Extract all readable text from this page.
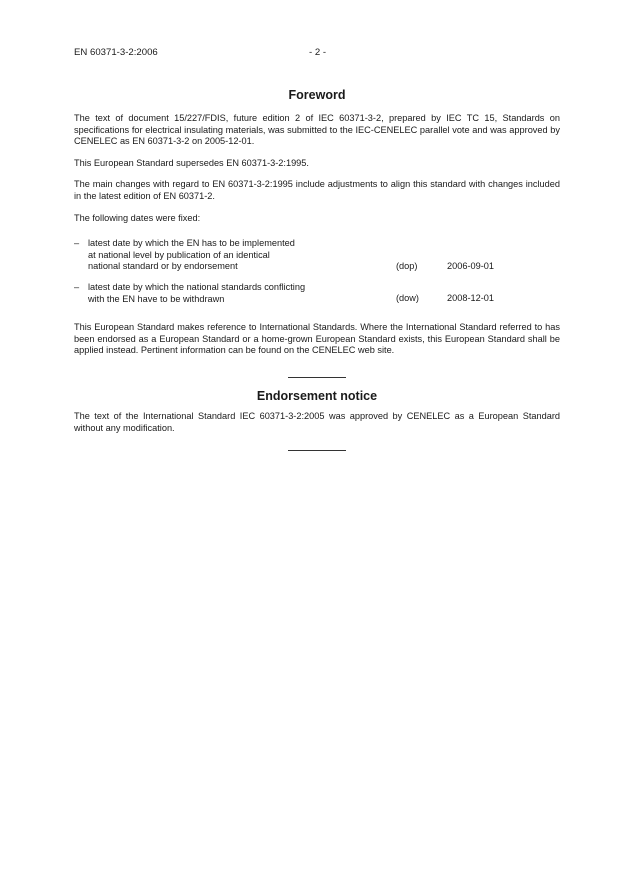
EN 60371-3-2:2006	- 2 -
Foreword

The text of document 15/227/FDIS, future edition 2 of IEC 60371-3-2, prepared by IEC TC 15, Standards on specifications for electrical insulating materials, was submitted to the IEC-CENELEC parallel vote and was approved by CENELEC as EN 60371-3-2 on 2005-12-01.

This European Standard supersedes EN 60371-3-2:1995.

The main changes with regard to EN 60371-3-2:1995 include adjustments to align this standard with changes included in the latest edition of EN 60371-2.

The following dates were fixed:

– latest date by which the EN has to be implemented
at national level by publication of an identical
national standard or by endorsement	(dop)	2006-09-01
– latest date by which the national standards conflicting
with the EN have to be withdrawn	(dow)	2008-12-01

This European Standard makes reference to International Standards. Where the International Standard referred to has been endorsed as a European Standard or a home-grown European Standard exists, this European Standard shall be applied instead. Pertinent information can be found on the CENELEC web site.

Endorsement notice

The text of the International Standard IEC 60371-3-2:2005 was approved by CENELEC as a European Standard without any modification.
